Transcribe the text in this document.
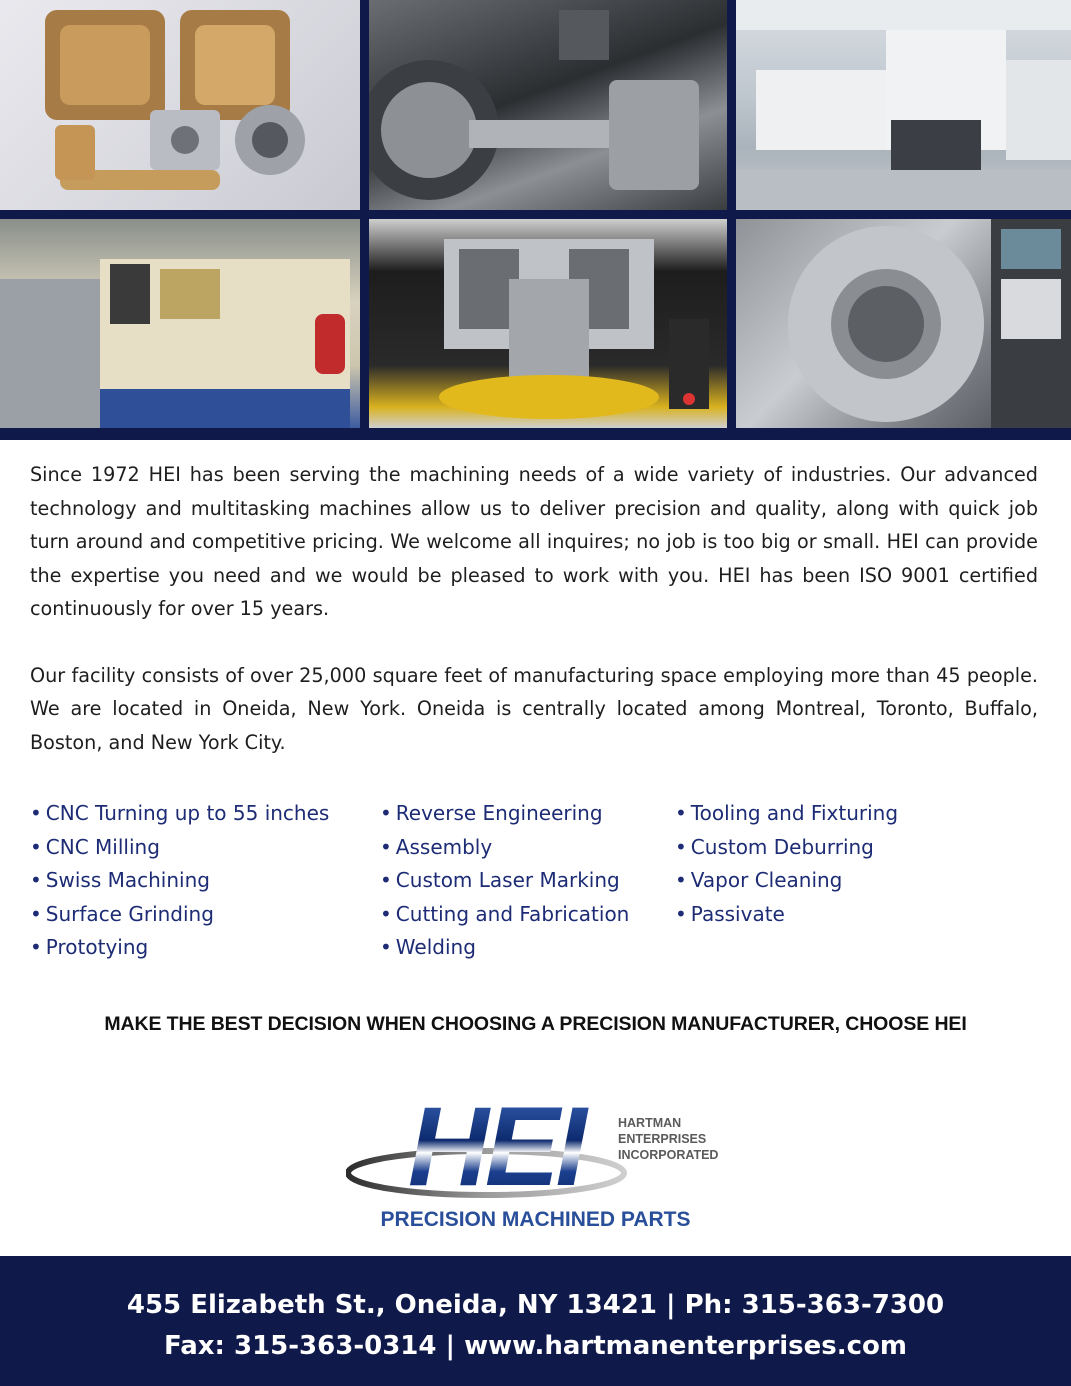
Since 1972 HEI has been serving the machining needs of a wide variety of industries. Our advanced technology and multitasking machines allow us to deliver precision and quality, along with quick job turn around and competitive pricing. We welcome all inquires; no job is too big or small. HEI can provide the expertise you need and we would be pleased to work with you. HEI has been ISO 9001 certified continuously for over 15 years.

Our facility consists of over 25,000 square feet of manufacturing space employing more than 45 people. We are located in Oneida, New York. Oneida is centrally located among Montreal, Toronto, Buffalo, Boston, and New York City.

• CNC Turning up to 55 inches
• CNC Milling
• Swiss Machining
• Surface Grinding
• Prototying
• Reverse Engineering
• Assembly
• Custom Laser Marking
• Cutting and Fabrication
• Welding
• Tooling and Fixturing
• Custom Deburring
• Vapor Cleaning
• Passivate
MAKE THE BEST DECISION WHEN CHOOSING A PRECISION MANUFACTURER, CHOOSE HEI
HEI	HARTMAN
ENTERPRISES
INCORPORATED
PRECISION MACHINED PARTS
455 Elizabeth St., Oneida, NY 13421 | Ph: 315-363-7300
Fax: 315-363-0314 | www.hartmanenterprises.com
